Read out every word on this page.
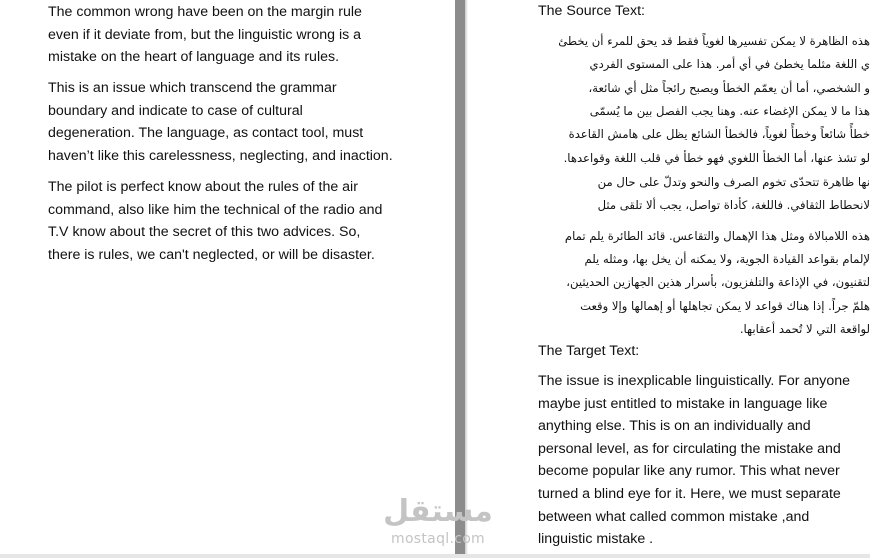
The common wrong have been on the margin rule even if it deviate from, but the linguistic wrong is a mistake on the heart of language and its rules.

This is an issue which transcend the grammar boundary and indicate to case of cultural degeneration. The language, as contact tool, must haven’t like this carelessness, neglecting, and inaction.

The pilot is perfect know about the rules of the air command, also like him the technical of the radio and T.V know about the secret of this two advices. So, there is rules, we can't neglected, or will be disaster.

The Source Text:

هذه الظاهرة لا يمكن تفسيرها لغوياً فقط قد يحق للمرء أن يخطئ
ي اللغة مثلما يخطئ في أي أمر. هذا على المستوى الفردي
و الشخصي، أما أن يعمّم الخطأ ويصبح رائجاً مثل أي شائعة،
هذا ما لا يمكن الإغضاء عنه. وهنا يجب الفصل بين ما يُسمّى
خطأً شائعاً وخطأً لغوياً، فالخطأ الشائع يظل على هامش القاعدة
لو تشذ عنها، أما الخطأ اللغوي فهو خطأ في قلب اللغة وقواعدها.
نها ظاهرة تتحدّى تخوم الصرف والنحو وتدلّ على حال من
لانحطاط الثقافي. فاللغة، كأداة تواصل، يجب ألا تلقى مثل
هذه اللامبالاة ومثل هذا الإهمال والتقاعس. قائد الطائرة يلم تمام
لإلمام بقواعد القيادة الجوية، ولا يمكنه أن يخل بها، ومثله يلم
لتقنيون، في الإذاعة والتلفزيون، بأسرار هذين الجهازين الحديثين،
هلمّ جراً. إذا هناك قواعد لا يمكن تجاهلها أو إهمالها وإلا وقعت
لواقعة التي لا تُحمد أعقابها.

The Target Text:

The issue is inexplicable linguistically. For anyone maybe just entitled to mistake in language like anything else. This is on an individually and personal level, as for circulating the mistake and become popular like any rumor. This what never turned a blind eye for it. Here, we must separate between what called common mistake ,and linguistic mistake .

مستقل
mostaql.com
